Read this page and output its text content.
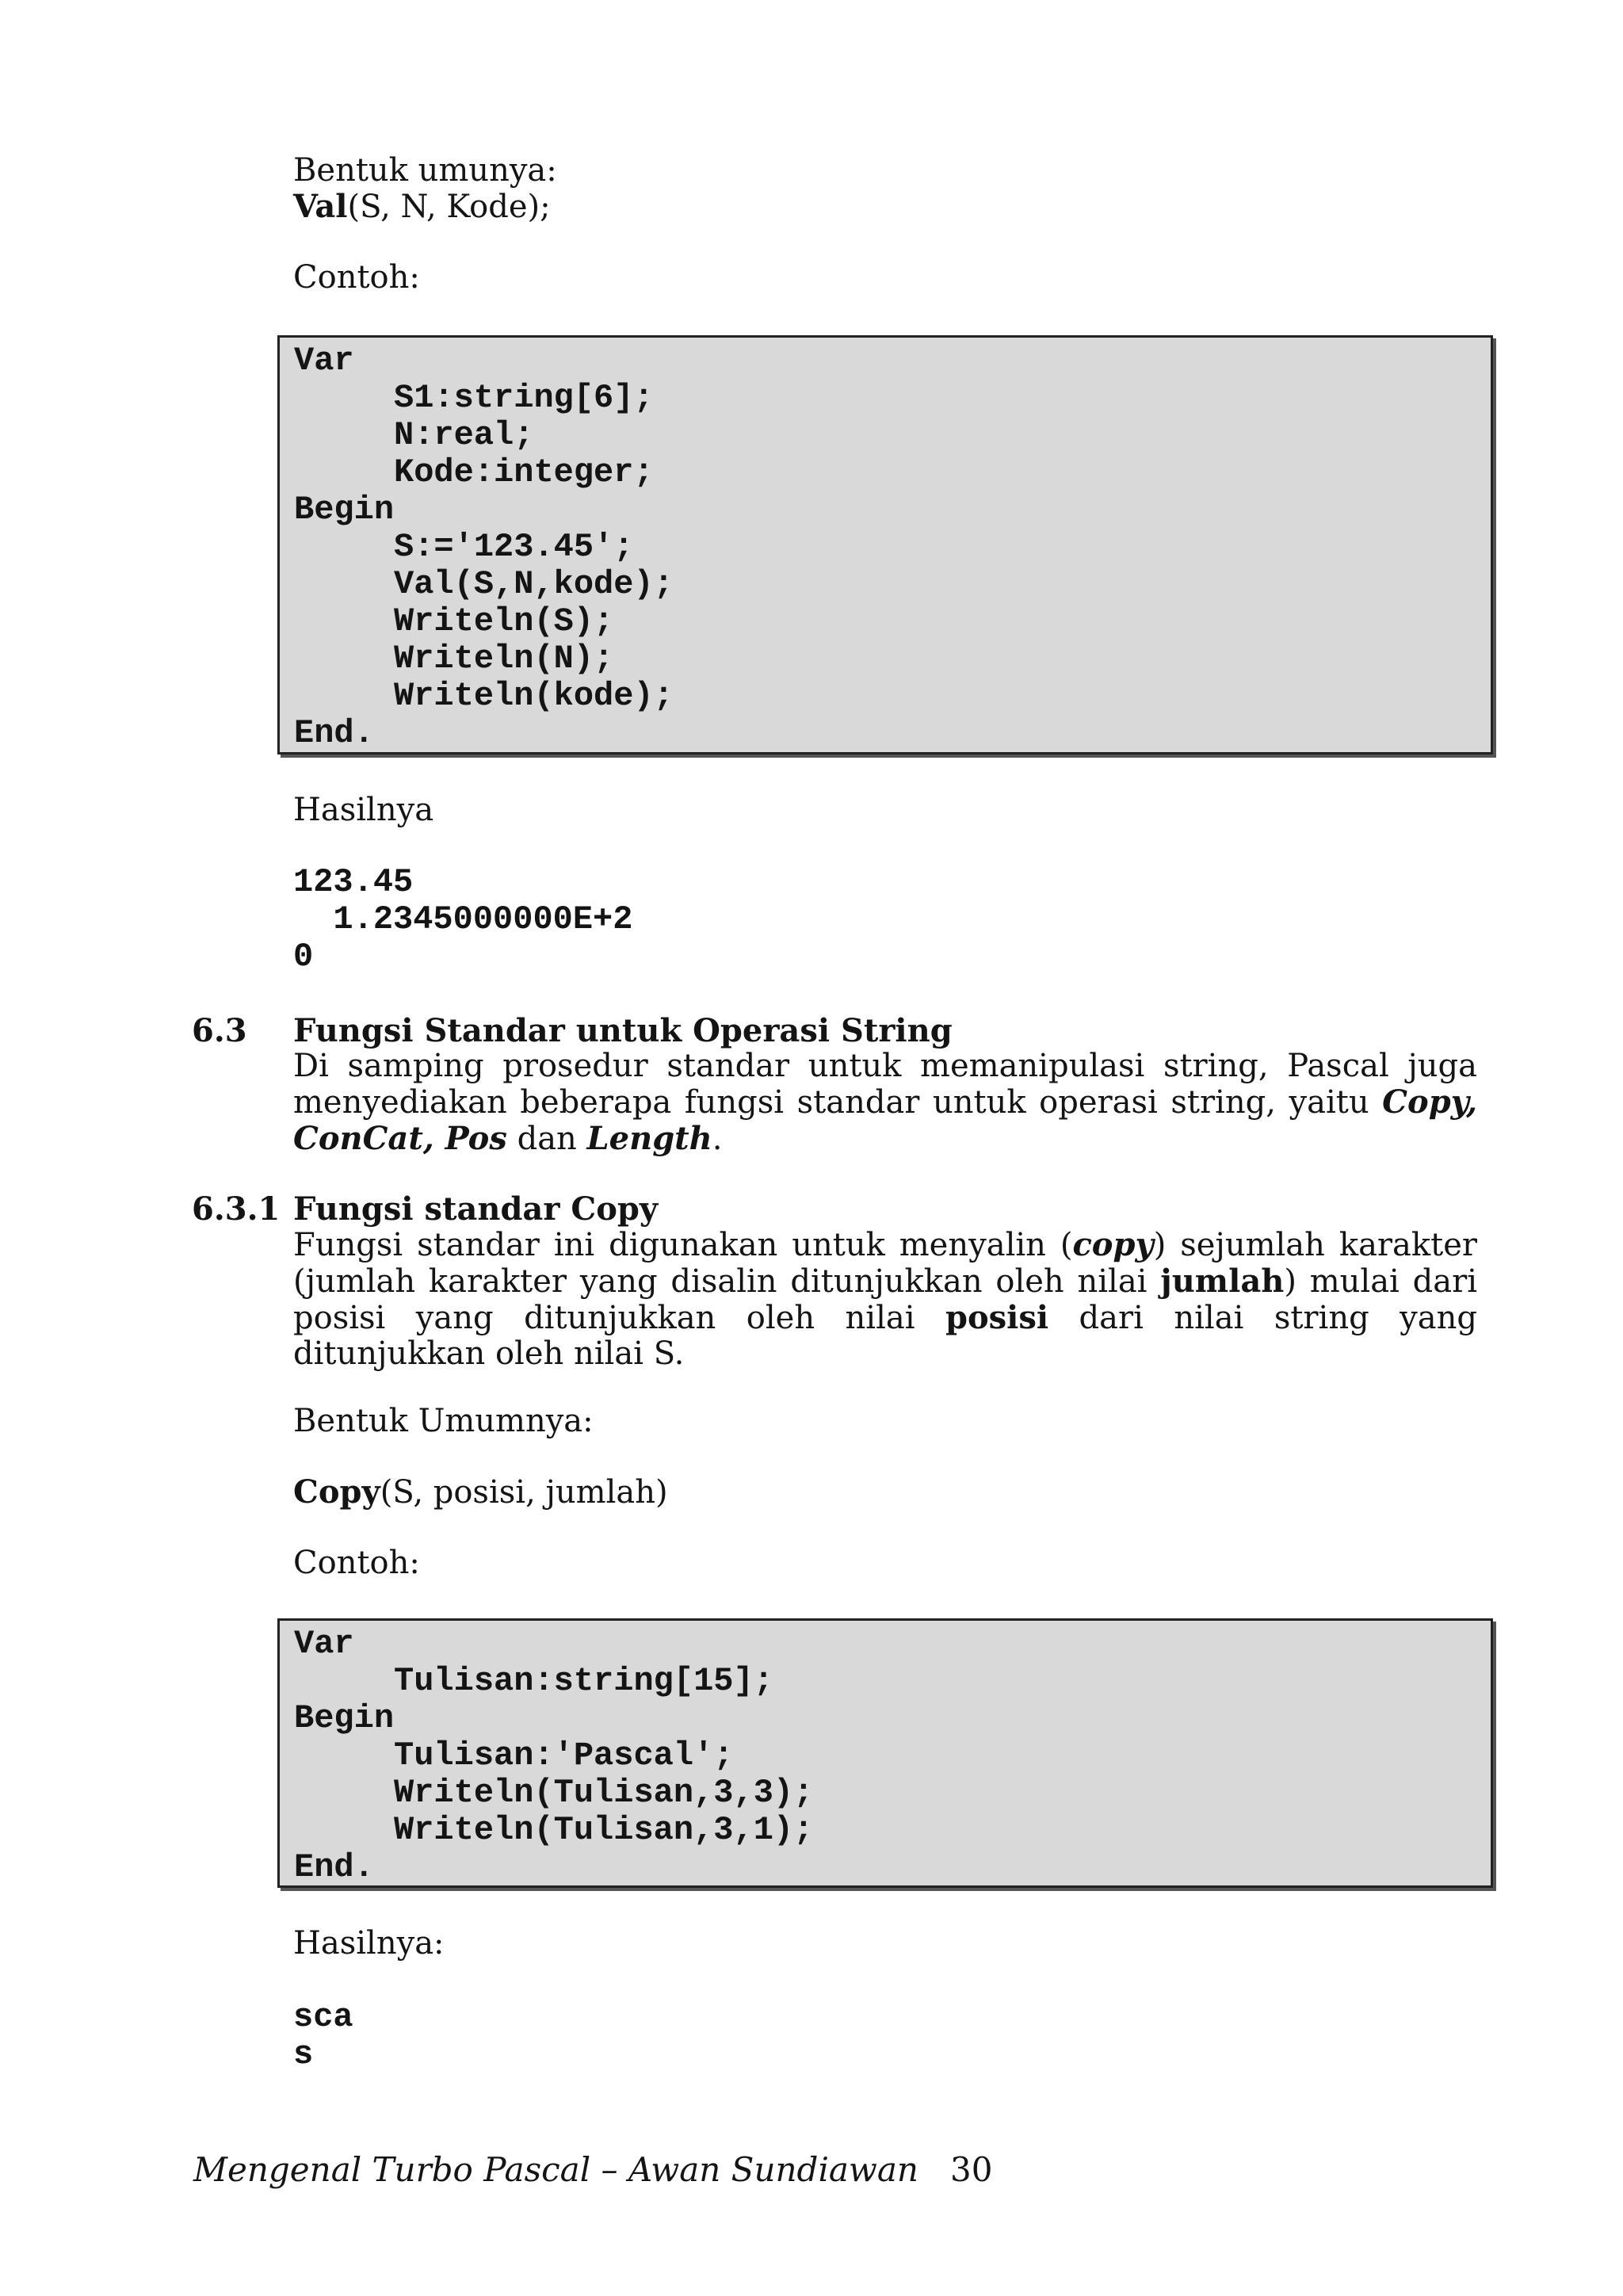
Bentuk umunya:
Val(S, N, Kode);
Contoh:
Var
S1:string[6];
N:real;
Kode:integer;
Begin
S:='123.45';
Val(S,N,kode);
Writeln(S);
Writeln(N);
Writeln(kode);
End.
Hasilnya
123.45
1.2345000000E+2
0
6.3 Fungsi Standar untuk Operasi String
Di samping prosedur standar untuk memanipulasi string, Pascal juga menyediakan beberapa fungsi standar untuk operasi string, yaitu Copy, ConCat, Pos dan Length.
6.3.1 Fungsi standar Copy
Fungsi standar ini digunakan untuk menyalin (copy) sejumlah karakter (jumlah karakter yang disalin ditunjukkan oleh nilai jumlah) mulai dari posisi yang ditunjukkan oleh nilai posisi dari nilai string yang ditunjukkan oleh nilai S.
Bentuk Umumnya:
Copy(S, posisi, jumlah)
Contoh:
Var
Tulisan:string[15];
Begin
Tulisan:'Pascal';
Writeln(Tulisan,3,3);
Writeln(Tulisan,3,1);
End.
Hasilnya:
sca
s
Mengenal Turbo Pascal – Awan Sundiawan 30
